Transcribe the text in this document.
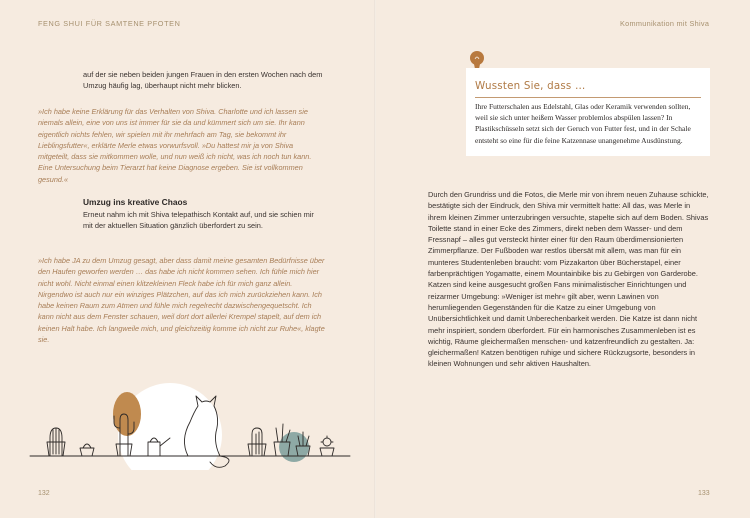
FENG SHUI FÜR SAMTENE PFOTEN

auf der sie neben beiden jungen Frauen in den ersten Wochen nach dem Umzug häufig lag, überhaupt nicht mehr blicken.

»Ich habe keine Erklärung für das Verhalten von Shiva. Charlotte und ich lassen sie niemals allein, eine von uns ist immer für sie da und kümmert sich um sie. Ihr kann eigentlich nichts fehlen, wir spielen mit ihr mehrfach am Tag, sie bekommt ihr Lieblingsfutter«, erklärte Merle etwas vorwurfsvoll. »Du hattest mir ja von Shiva mitgeteilt, dass sie mitkommen wolle, und nun weiß ich nicht, was ich noch tun kann. Eine Untersuchung beim Tierarzt hat keine Diagnose ergeben. Sie ist vollkommen gesund.«

Umzug ins kreative Chaos

Erneut nahm ich mit Shiva telepathisch Kontakt auf, und sie schien mir mit der aktuellen Situation gänzlich überfordert zu sein.

»Ich habe JA zu dem Umzug gesagt, aber dass damit meine gesamten Bedürfnisse über den Haufen geworfen werden … das habe ich nicht kommen sehen. Ich fühle mich hier nicht wohl. Nicht einmal einen klitzekleinen Fleck habe ich für mich ganz allein. Nirgendwo ist auch nur ein winziges Plätzchen, auf das ich mich zurückziehen kann. Ich habe keinen Raum zum Atmen und fühle mich regelrecht dazwischengequetscht. Ich kann nicht aus dem Fenster schauen, weil dort dort allerlei Krempel stapelt, auf dem ich keinen Halt habe. Ich langweile mich, und gleichzeitig komme ich nicht zur Ruhe«, klagte sie.

132
Kommunikation mit Shiva

Wussten Sie, dass …

Ihre Futterschalen aus Edelstahl, Glas oder Keramik verwenden sollten, weil sie sich unter heißem Wasser problemlos abspülen lassen? In Plastikschüsseln setzt sich der Geruch von Futter fest, und in der Schale entsteht so eine für die feine Katzennase unangenehme Ausdünstung.

Durch den Grundriss und die Fotos, die Merle mir von ihrem neuen Zuhause schickte, bestätigte sich der Eindruck, den Shiva mir vermittelt hatte: All das, was Merle in ihrem kleinen Zimmer unterzubringen versuchte, stapelte sich auf dem Boden. Shivas Toilette stand in einer Ecke des Zimmers, direkt neben dem Wasser- und dem Fressnapf – alles gut versteckt hinter einer für den Raum überdimensionierten Zimmerpflanze. Der Fußboden war restlos übersät mit allem, was man für ein munteres Studentenleben braucht: vom Pizzakarton über Bücherstapel, einer farbenprächtigen Yogamatte, einem Mountainbike bis zu Gebirgen von Garderobe.

Katzen sind keine ausgesucht großen Fans minimalistischer Einrichtungen und reizarmer Umgebung: »Weniger ist mehr« gilt aber, wenn Lawinen von herumliegenden Gegenständen für die Katze zu einer Umgebung von Unübersichtlichkeit und damit Unberechenbarkeit werden. Die Katze ist dann nicht mehr inspiriert, sondern überfordert. Für ein harmonisches Zusammenleben ist es wichtig, Räume gleichermaßen menschen- und katzenfreundlich zu gestalten. Ja: gleichermaßen! Katzen benötigen ruhige und sichere Rückzugsorte, besonders in kleinen Wohnungen und sehr aktiven Haushalten.

133
